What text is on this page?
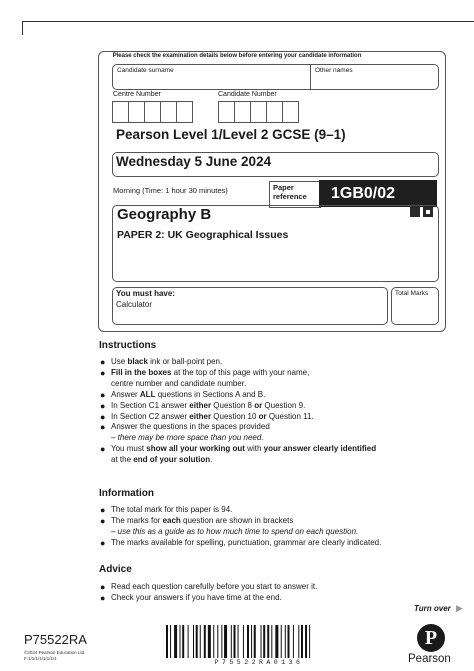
Please check the examination details below before entering your candidate information
Candidate surname	Other names
Centre Number	Candidate Number
Pearson Level 1/Level 2 GCSE (9–1)
Wednesday 5 June 2024
Morning (Time: 1 hour 30 minutes)	Paper
reference	1GB0/02
Geography B
PAPER 2: UK Geographical Issues
You must have:
Calculator
Total Marks
Instructions
● Use black ink or ball-point pen.
● Fill in the boxes at the top of this page with your name,
centre number and candidate number.
● Answer ALL questions in Sections A and B.
● In Section C1 answer either Question 8 or Question 9.
● In Section C2 answer either Question 10 or Question 11.
● Answer the questions in the spaces provided
– there may be more space than you need.
● You must show all your working out with your answer clearly identified
at the end of your solution.
Information
● The total mark for this paper is 94.
● The marks for each question are shown in brackets
– use this as a guide as to how much time to spend on each question.
● The marks available for spelling, punctuation, grammar are clearly indicated.
Advice
● Read each question carefully before you start to answer it.
● Check your answers if you have time at the end.
Turn over ▶
P75522RA
©2024 Pearson Education Ltd.
F:1/1/1/1/1/1/1/1
P75522RA0136
P
Pearson
